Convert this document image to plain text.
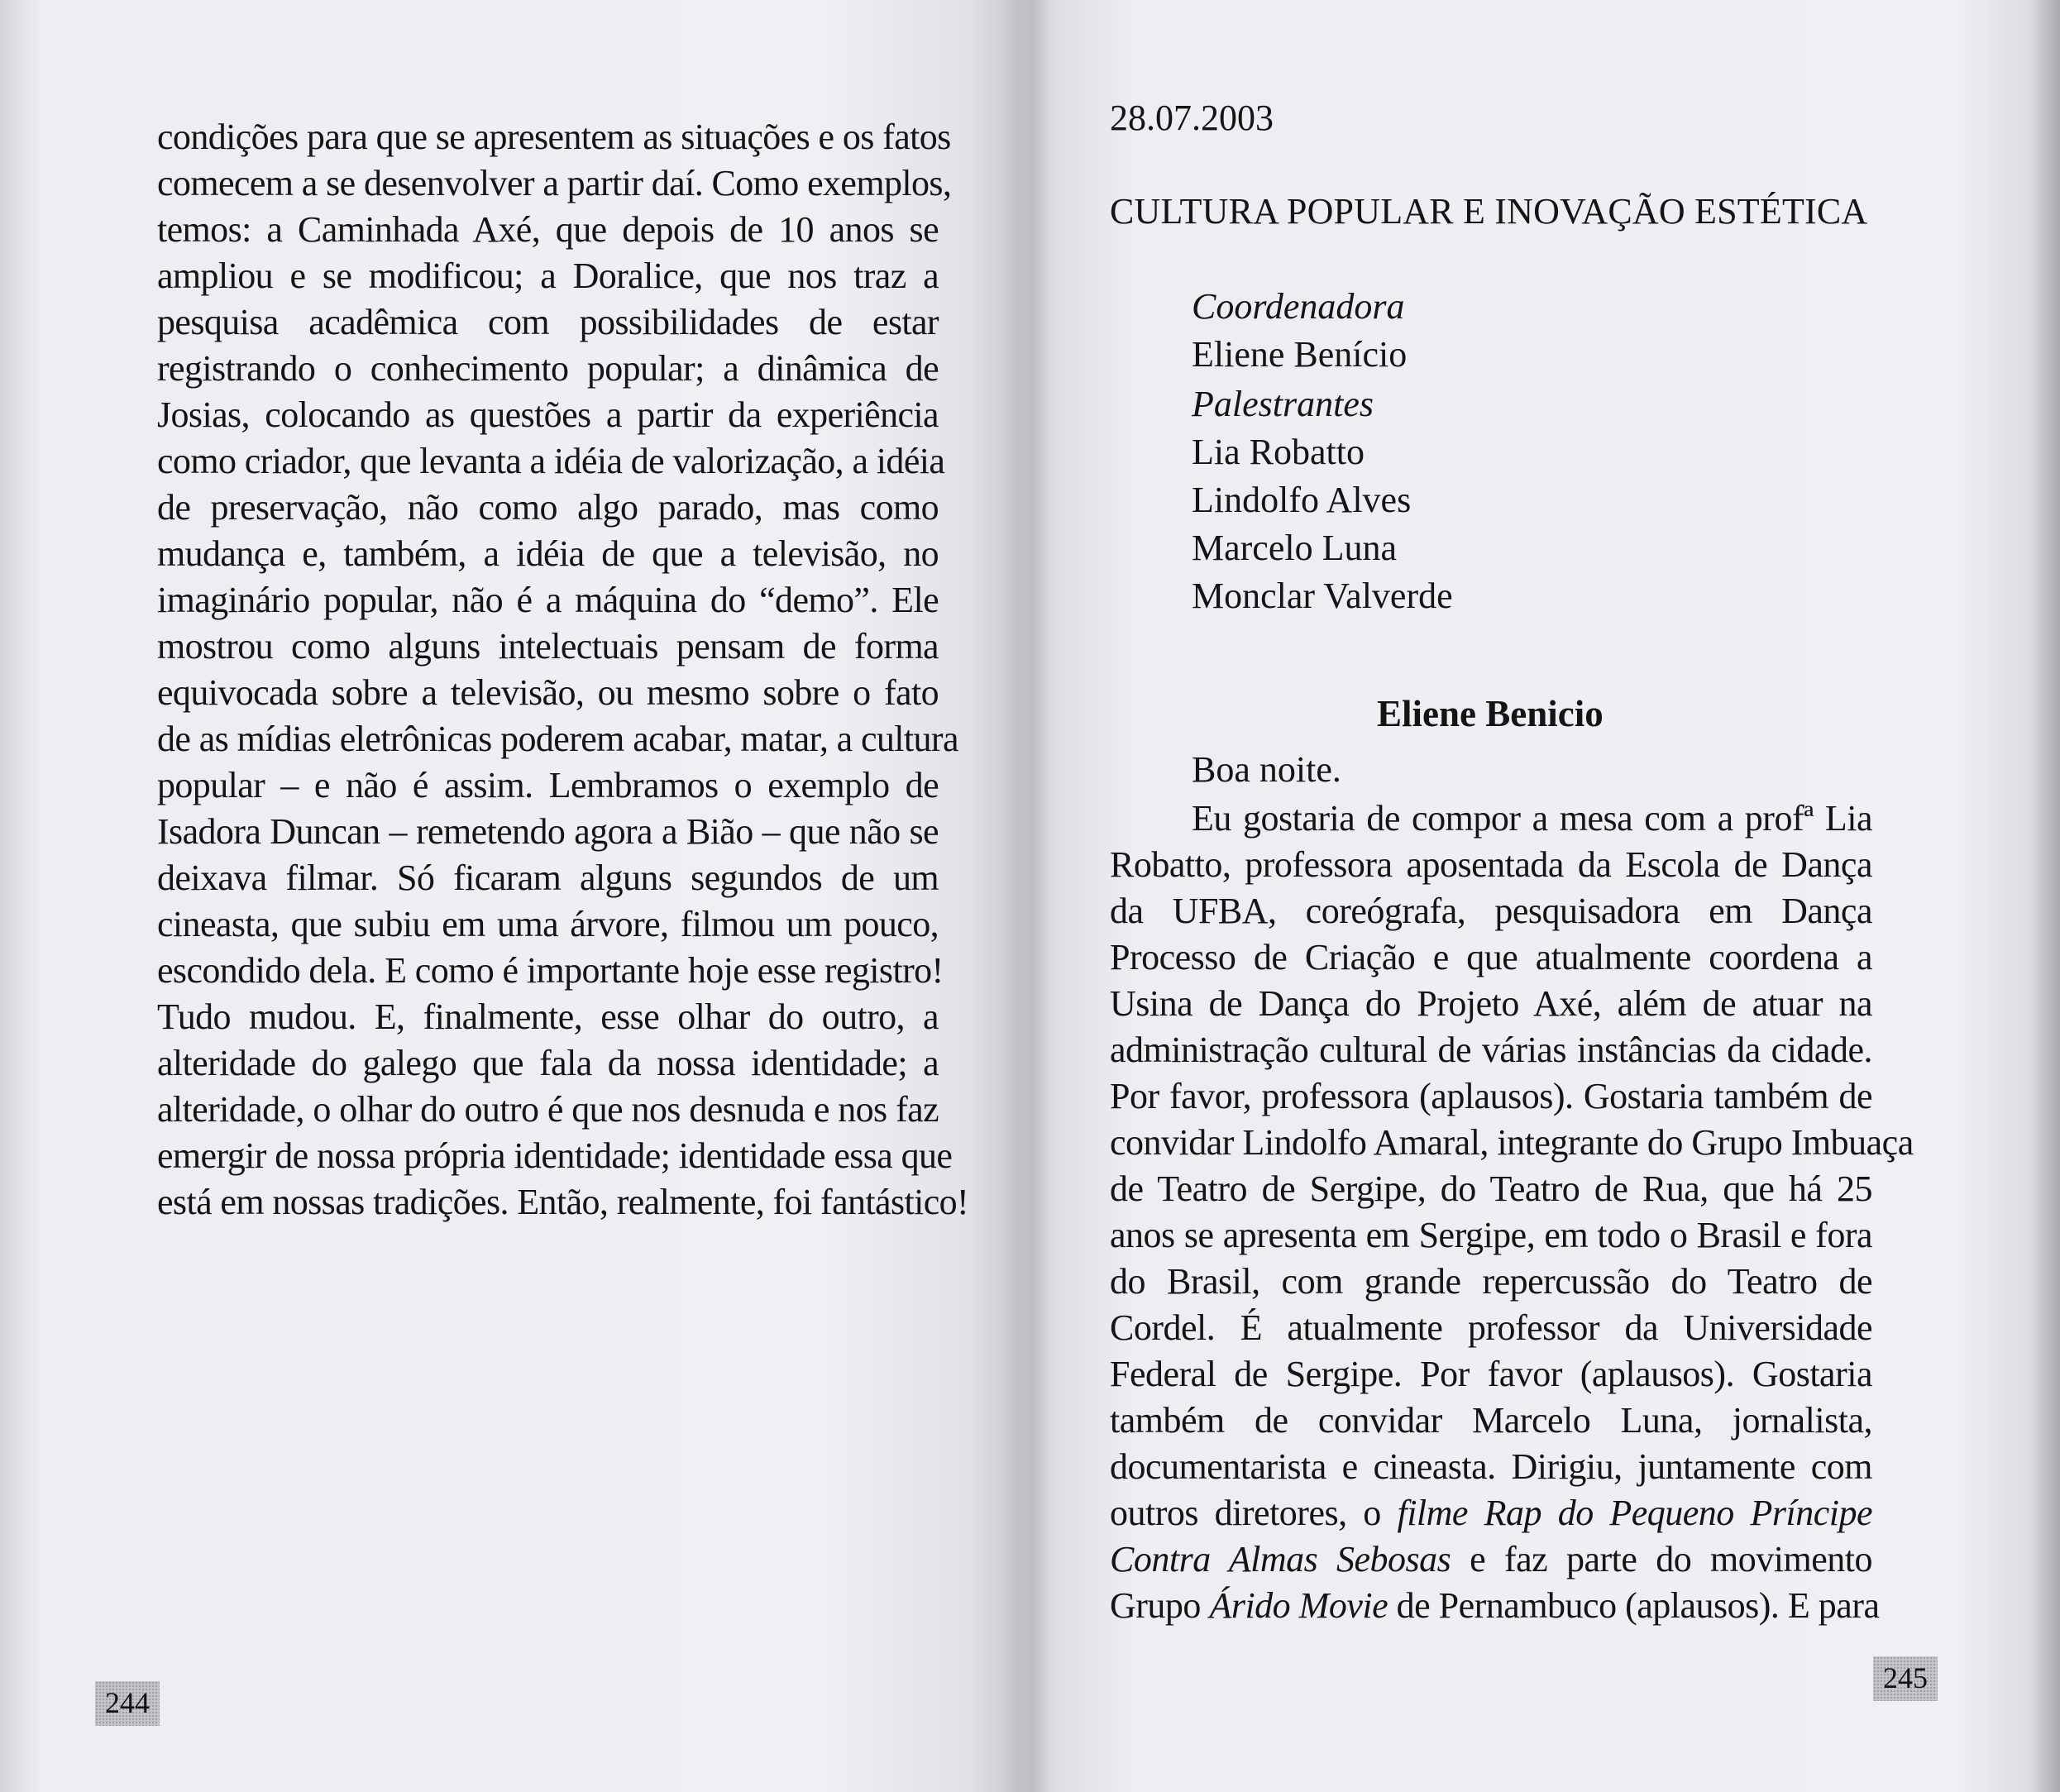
condições para que se apresentem as situações e os fatos
comecem a se desenvolver a partir daí. Como exemplos,
temos: a Caminhada Axé, que depois de 10 anos se
ampliou e se modificou; a Doralice, que nos traz a
pesquisa acadêmica com possibilidades de estar
registrando o conhecimento popular; a dinâmica de
Josias, colocando as questões a partir da experiência
como criador, que levanta a idéia de valorização, a idéia
de preservação, não como algo parado, mas como
mudança e, também, a idéia de que a televisão, no
imaginário popular, não é a máquina do “demo”. Ele
mostrou como alguns intelectuais pensam de forma
equivocada sobre a televisão, ou mesmo sobre o fato
de as mídias eletrônicas poderem acabar, matar, a cultura
popular – e não é assim. Lembramos o exemplo de
Isadora Duncan – remetendo agora a Bião – que não se
deixava filmar. Só ficaram alguns segundos de um
cineasta, que subiu em uma árvore, filmou um pouco,
escondido dela. E como é importante hoje esse registro!
Tudo mudou. E, finalmente, esse olhar do outro, a
alteridade do galego que fala da nossa identidade; a
alteridade, o olhar do outro é que nos desnuda e nos faz
emergir de nossa própria identidade; identidade essa que
está em nossas tradições. Então, realmente, foi fantástico!
244

28.07.2003

CULTURA POPULAR E INOVAÇÃO ESTÉTICA

Coordenadora

Eliene Benício

Palestrantes

Lia Robatto
Lindolfo Alves
Marcelo Luna
Monclar Valverde

Eliene Benicio

Boa noite.

Eu gostaria de compor a mesa com a profª Lia
Robatto, professora aposentada da Escola de Dança
da UFBA, coreógrafa, pesquisadora em Dança
Processo de Criação e que atualmente coordena a
Usina de Dança do Projeto Axé, além de atuar na
administração cultural de várias instâncias da cidade.
Por favor, professora (aplausos). Gostaria também de
convidar Lindolfo Amaral, integrante do Grupo Imbuaça
de Teatro de Sergipe, do Teatro de Rua, que há 25
anos se apresenta em Sergipe, em todo o Brasil e fora
do Brasil, com grande repercussão do Teatro de
Cordel. É atualmente professor da Universidade
Federal de Sergipe. Por favor (aplausos). Gostaria
também de convidar Marcelo Luna, jornalista,
documentarista e cineasta. Dirigiu, juntamente com
outros diretores, o filme Rap do Pequeno Príncipe
Contra Almas Sebosas e faz parte do movimento
Grupo Árido Movie de Pernambuco (aplausos). E para
245
